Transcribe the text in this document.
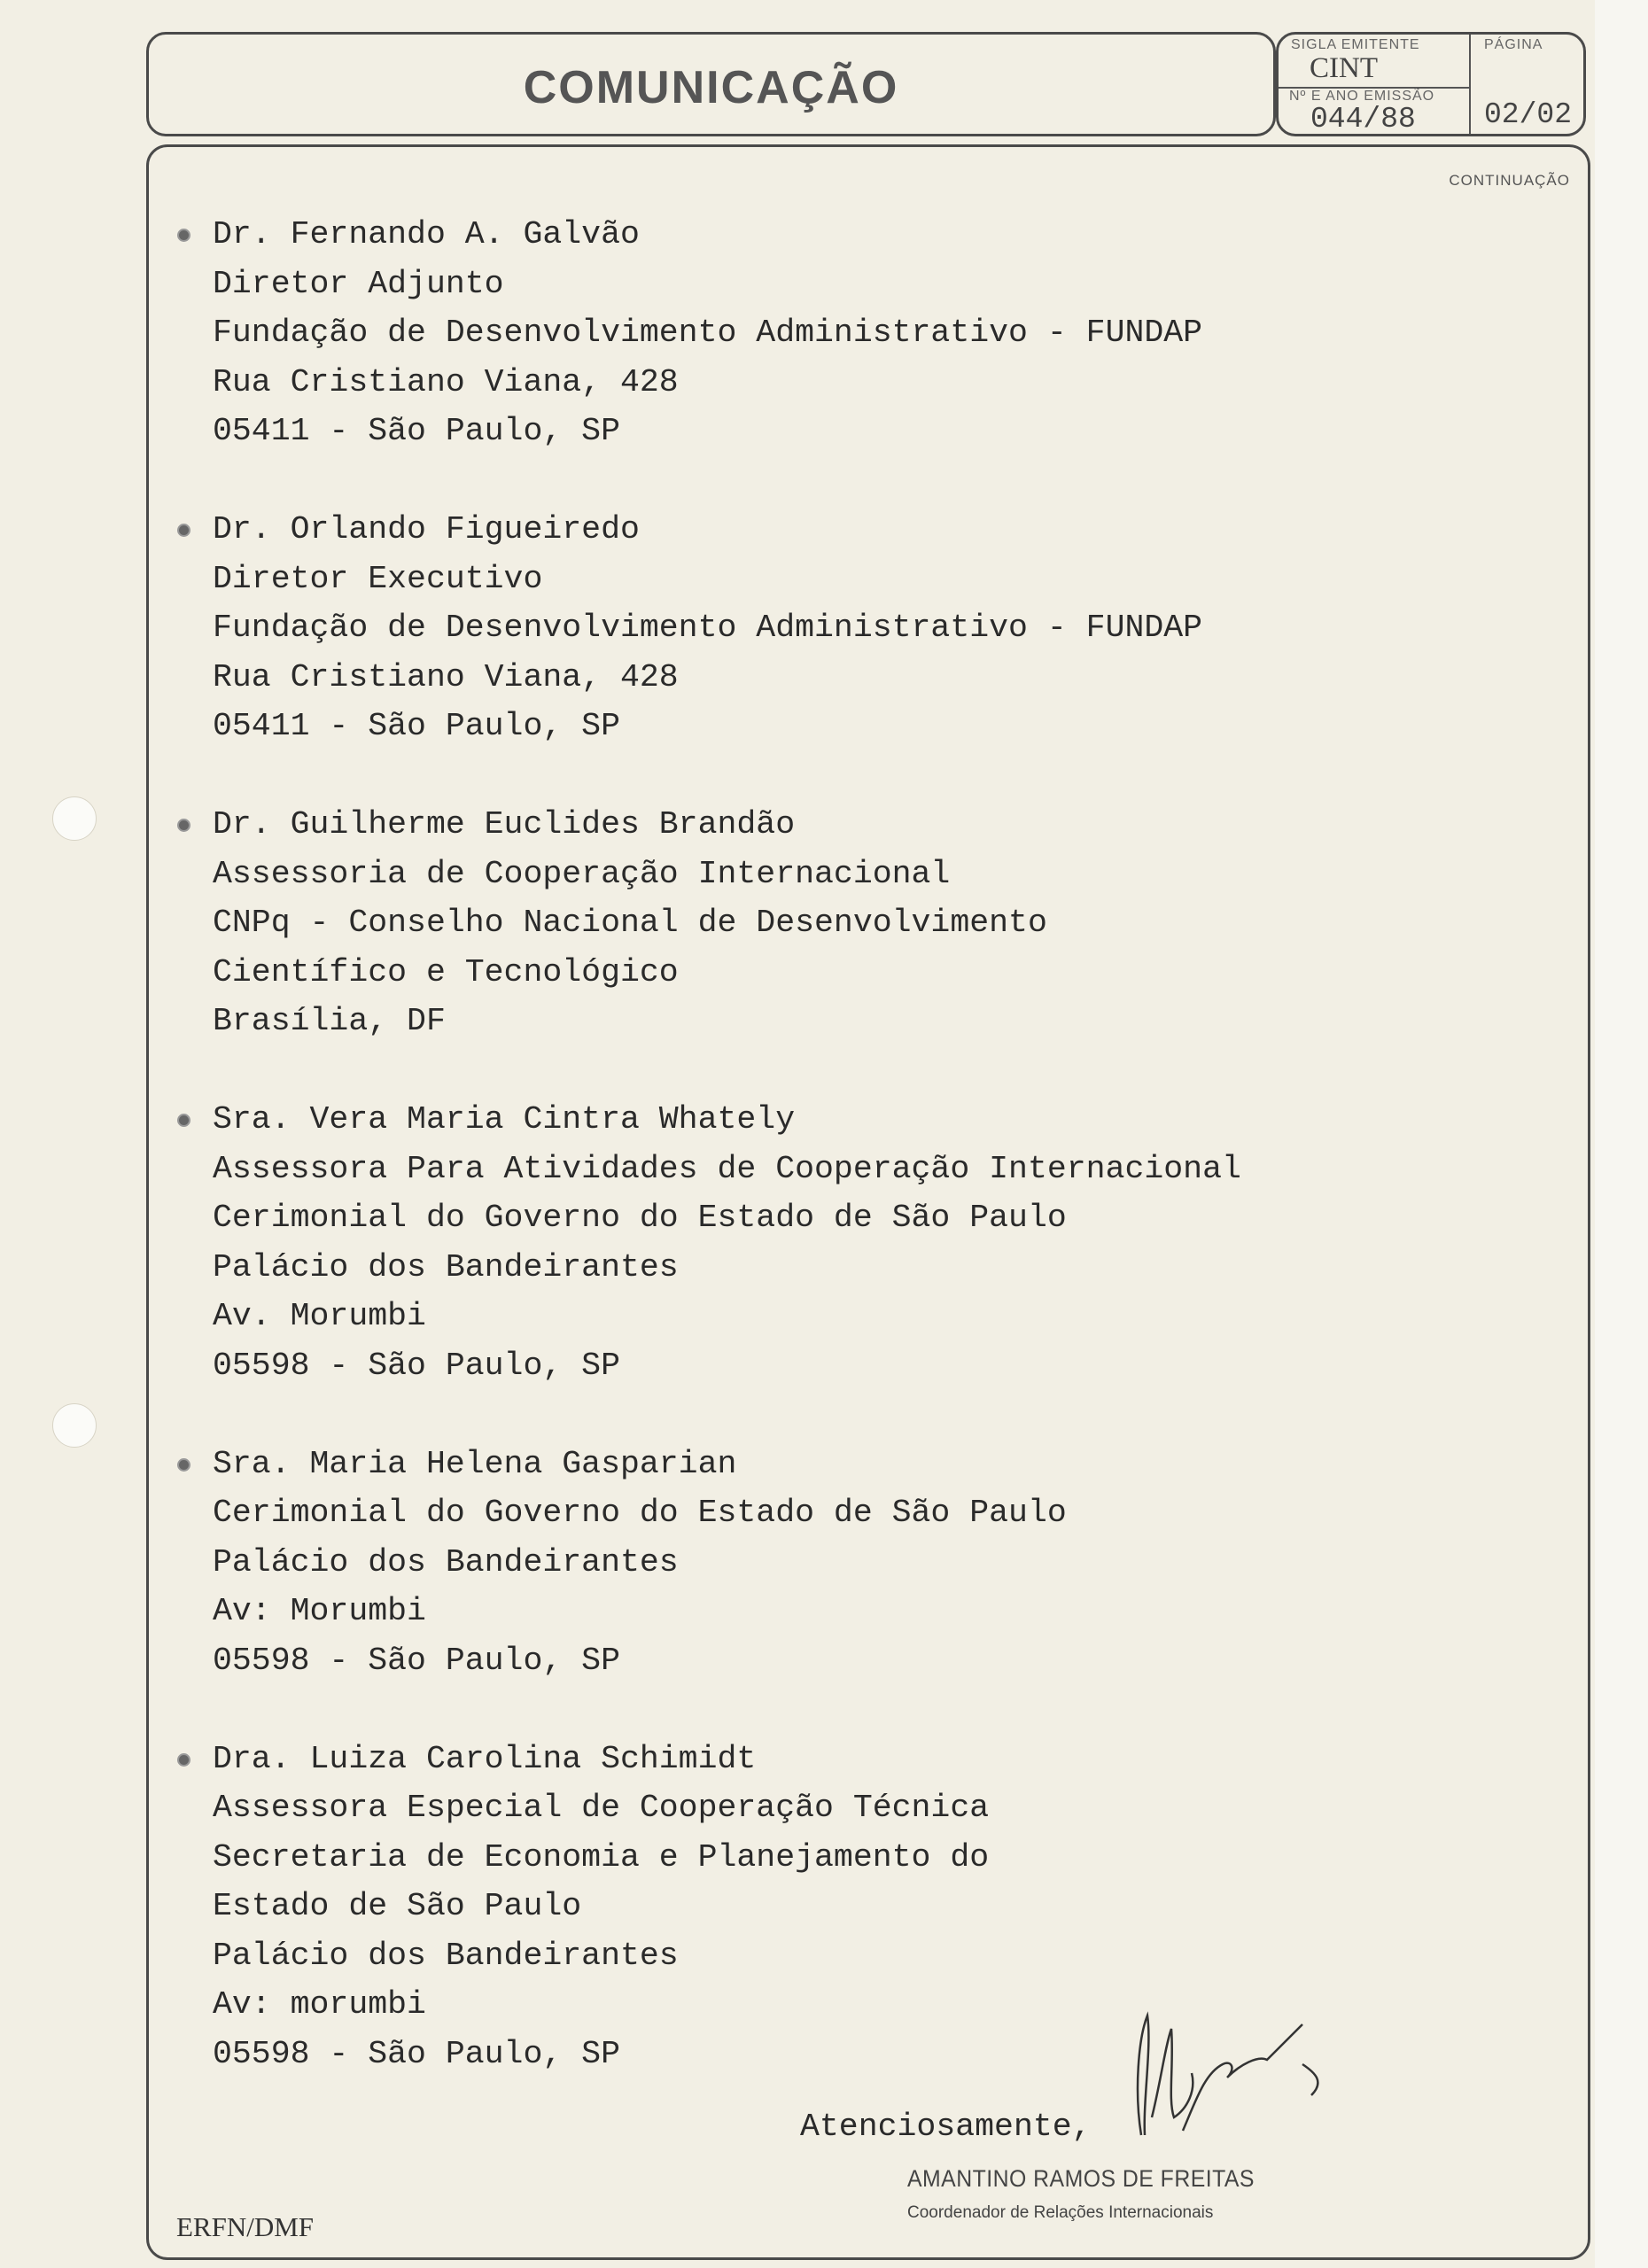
COMUNICAÇÃO
SIGLA EMITENTE
CINT
Nº E ANO EMISSÃO
044/88
PÁGINA
02/02
CONTINUAÇÃO
Dr. Fernando A. Galvão
Diretor Adjunto
Fundação de Desenvolvimento Administrativo - FUNDAP
Rua Cristiano Viana, 428
05411 - São Paulo, SP
Dr. Orlando Figueiredo
Diretor Executivo
Fundação de Desenvolvimento Administrativo - FUNDAP
Rua Cristiano Viana, 428
05411 - São Paulo, SP
Dr. Guilherme Euclides Brandão
Assessoria de Cooperação Internacional
CNPq - Conselho Nacional de Desenvolvimento
Científico e Tecnológico
Brasília, DF
Sra. Vera Maria Cintra Whately
Assessora Para Atividades de Cooperação Internacional
Cerimonial do Governo do Estado de São Paulo
Palácio dos Bandeirantes
Av. Morumbi
05598 - São Paulo, SP
Sra. Maria Helena Gasparian
Cerimonial do Governo do Estado de São Paulo
Palácio dos Bandeirantes
Av: Morumbi
05598 - São Paulo, SP
Dra. Luiza Carolina Schimidt
Assessora Especial de Cooperação Técnica
Secretaria de Economia e Planejamento do
Estado de São Paulo
Palácio dos Bandeirantes
Av: morumbi
05598 - São Paulo, SP
Atenciosamente,
AMANTINO RAMOS DE FREITAS
Coordenador de Relações Internacionais
ERFN/DMF
